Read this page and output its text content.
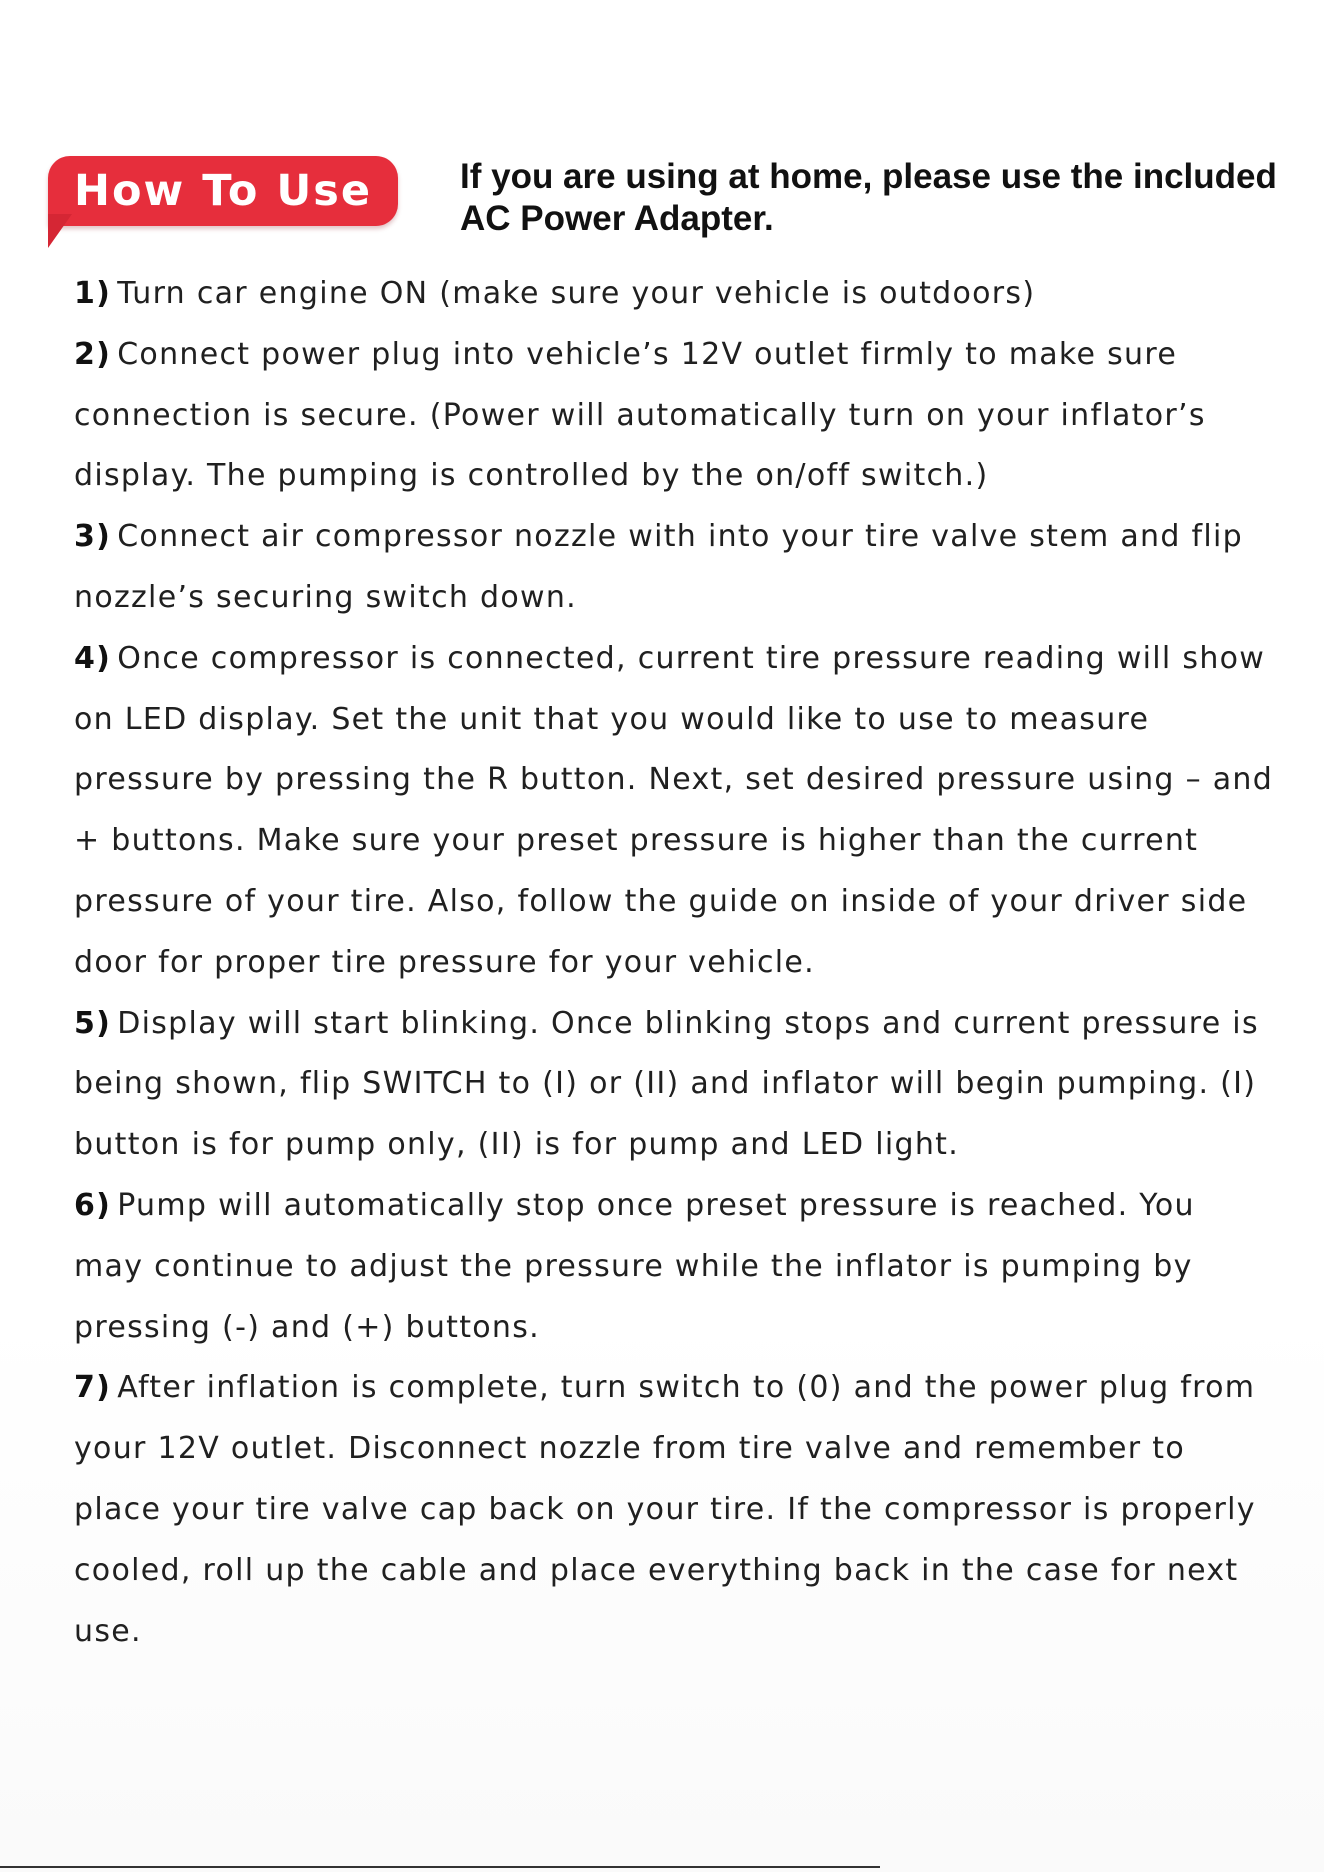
How To Use	If you are using at home, please use the included
AC Power Adapter.

1) Turn car engine ON (make sure your vehicle is outdoors)

2) Connect power plug into vehicle’s 12V outlet firmly to make sure connection is secure. (Power will automatically turn on your inflator’s display. The pumping is controlled by the on/off switch.)

3) Connect air compressor nozzle with into your tire valve stem and flip nozzle’s securing switch down.

4) Once compressor is connected, current tire pressure reading will show on LED display. Set the unit that you would like to use to measure pressure by pressing the R button. Next, set desired pressure using – and + buttons. Make sure your preset pressure is higher than the current pressure of your tire. Also, follow the guide on inside of your driver side door for proper tire pressure for your vehicle.

5) Display will start blinking. Once blinking stops and current pressure is being shown, flip SWITCH to (I) or (II) and inflator will begin pumping. (I) button is for pump only, (II) is for pump and LED light.

6) Pump will automatically stop once preset pressure is reached. You may continue to adjust the pressure while the inflator is pumping by pressing (-) and (+) buttons.

7) After inflation is complete, turn switch to (0) and the power plug from your 12V outlet. Disconnect nozzle from tire valve and remember to place your tire valve cap back on your tire. If the compressor is properly cooled, roll up the cable and place everything back in the case for next use.
